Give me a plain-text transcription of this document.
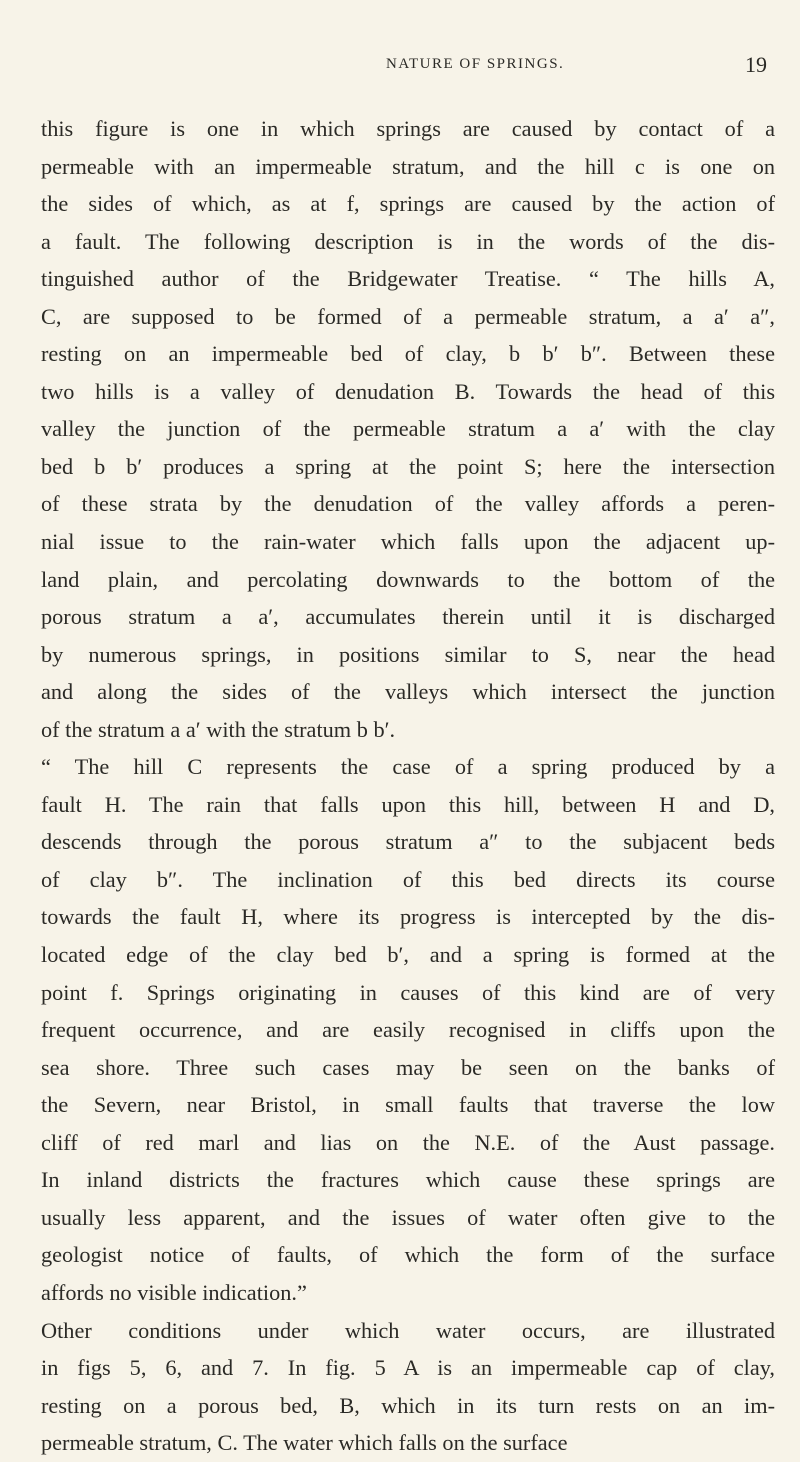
NATURE OF SPRINGS.	19
this figure is one in which springs are caused by contact of a
permeable with an impermeable stratum, and the hill c is one on
the sides of which, as at f, springs are caused by the action of
a fault. The following description is in the words of the dis-
tinguished author of the Bridgewater Treatise. “ The hills A,
C, are supposed to be formed of a permeable stratum, a a′ a″,
resting on an impermeable bed of clay, b b′ b″. Between these
two hills is a valley of denudation B. Towards the head of this
valley the junction of the permeable stratum a a′ with the clay
bed b b′ produces a spring at the point S; here the intersection
of these strata by the denudation of the valley affords a peren-
nial issue to the rain-water which falls upon the adjacent up-
land plain, and percolating downwards to the bottom of the
porous stratum a a′, accumulates therein until it is discharged
by numerous springs, in positions similar to S, near the head
and along the sides of the valleys which intersect the junction
of the stratum a a′ with the stratum b b′.
“ The hill C represents the case of a spring produced by a
fault H. The rain that falls upon this hill, between H and D,
descends through the porous stratum a″ to the subjacent beds
of clay b″. The inclination of this bed directs its course
towards the fault H, where its progress is intercepted by the dis-
located edge of the clay bed b′, and a spring is formed at the
point f. Springs originating in causes of this kind are of very
frequent occurrence, and are easily recognised in cliffs upon the
sea shore. Three such cases may be seen on the banks of
the Severn, near Bristol, in small faults that traverse the low
cliff of red marl and lias on the N.E. of the Aust passage.
In inland districts the fractures which cause these springs are
usually less apparent, and the issues of water often give to the
geologist notice of faults, of which the form of the surface
affords no visible indication.”
Other conditions under which water occurs, are illustrated
in figs 5, 6, and 7. In fig. 5 A is an impermeable cap of clay,
resting on a porous bed, B, which in its turn rests on an im-
permeable stratum, C. The water which falls on the surface
